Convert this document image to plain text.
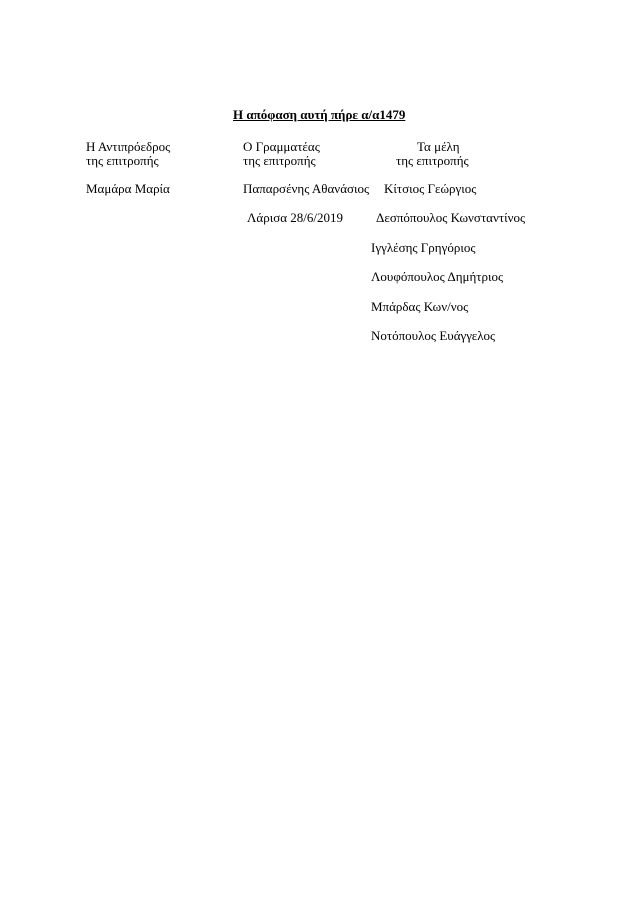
Η απόφαση αυτή πήρε α/α1479
Η Αντιπρόεδρος
της επιτροπής
Μαμάρα Μαρία
Ο Γραμματέας
της επιτροπής
Παπαρσένης Αθανάσιος
Λάρισα 28/6/2019
Τα μέλη
της επιτροπής
Κίτσιος Γεώργιος
Δεσπόπουλος Κωνσταντίνος
Ιγγλέσης Γρηγόριος
Λουφόπουλος Δημήτριος
Μπάρδας Κων/νος
Νοτόπουλος Ευάγγελος
